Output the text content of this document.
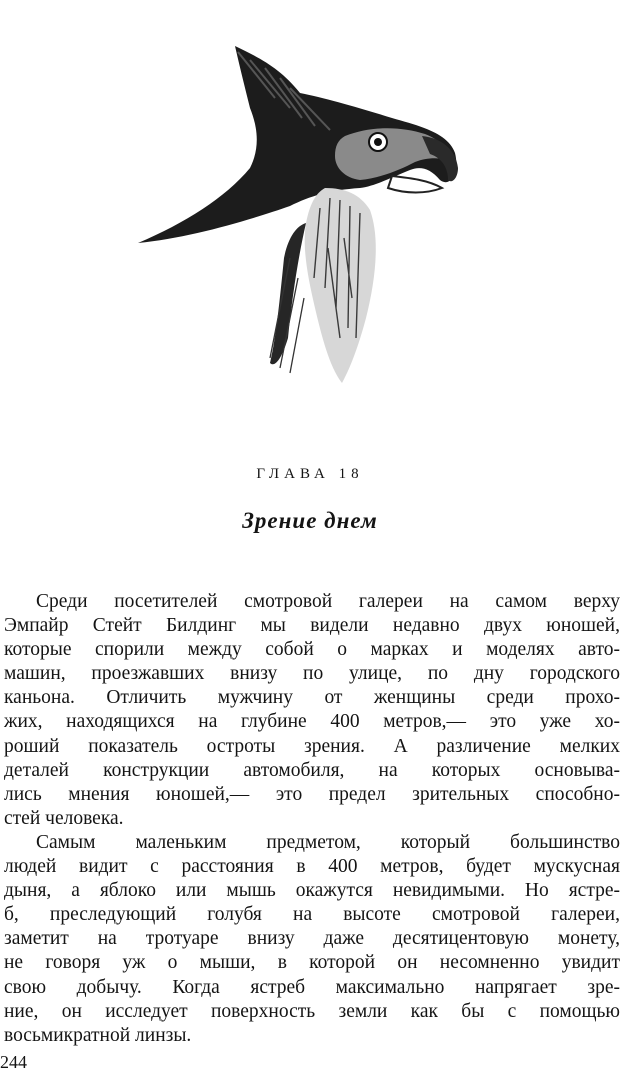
ГЛАВА 18
Зрение днем
Среди посетителей смотровой галереи на самом верху
Эмпайр Стейт Билдинг мы видели недавно двух юношей,
которые спорили между собой о марках и моделях авто-
машин, проезжавших внизу по улице, по дну городского
каньона. Отличить мужчину от женщины среди прохо-
жих, находящихся на глубине 400 метров,— это уже хо-
роший показатель остроты зрения. А различение мелких
деталей конструкции автомобиля, на которых основыва-
лись мнения юношей,— это предел зрительных способно-
стей человека.
Самым маленьким предметом, который большинство
людей видит с расстояния в 400 метров, будет мускусная
дыня, а яблоко или мышь окажутся невидимыми. Но ястре-
б, преследующий голубя на высоте смотровой галереи,
заметит на тротуаре внизу даже десятицентовую монету,
не говоря уж о мыши, в которой он несомненно увидит
свою добычу. Когда ястреб максимально напрягает зре-
ние, он исследует поверхность земли как бы с помощью
восьмикратной линзы.
244
